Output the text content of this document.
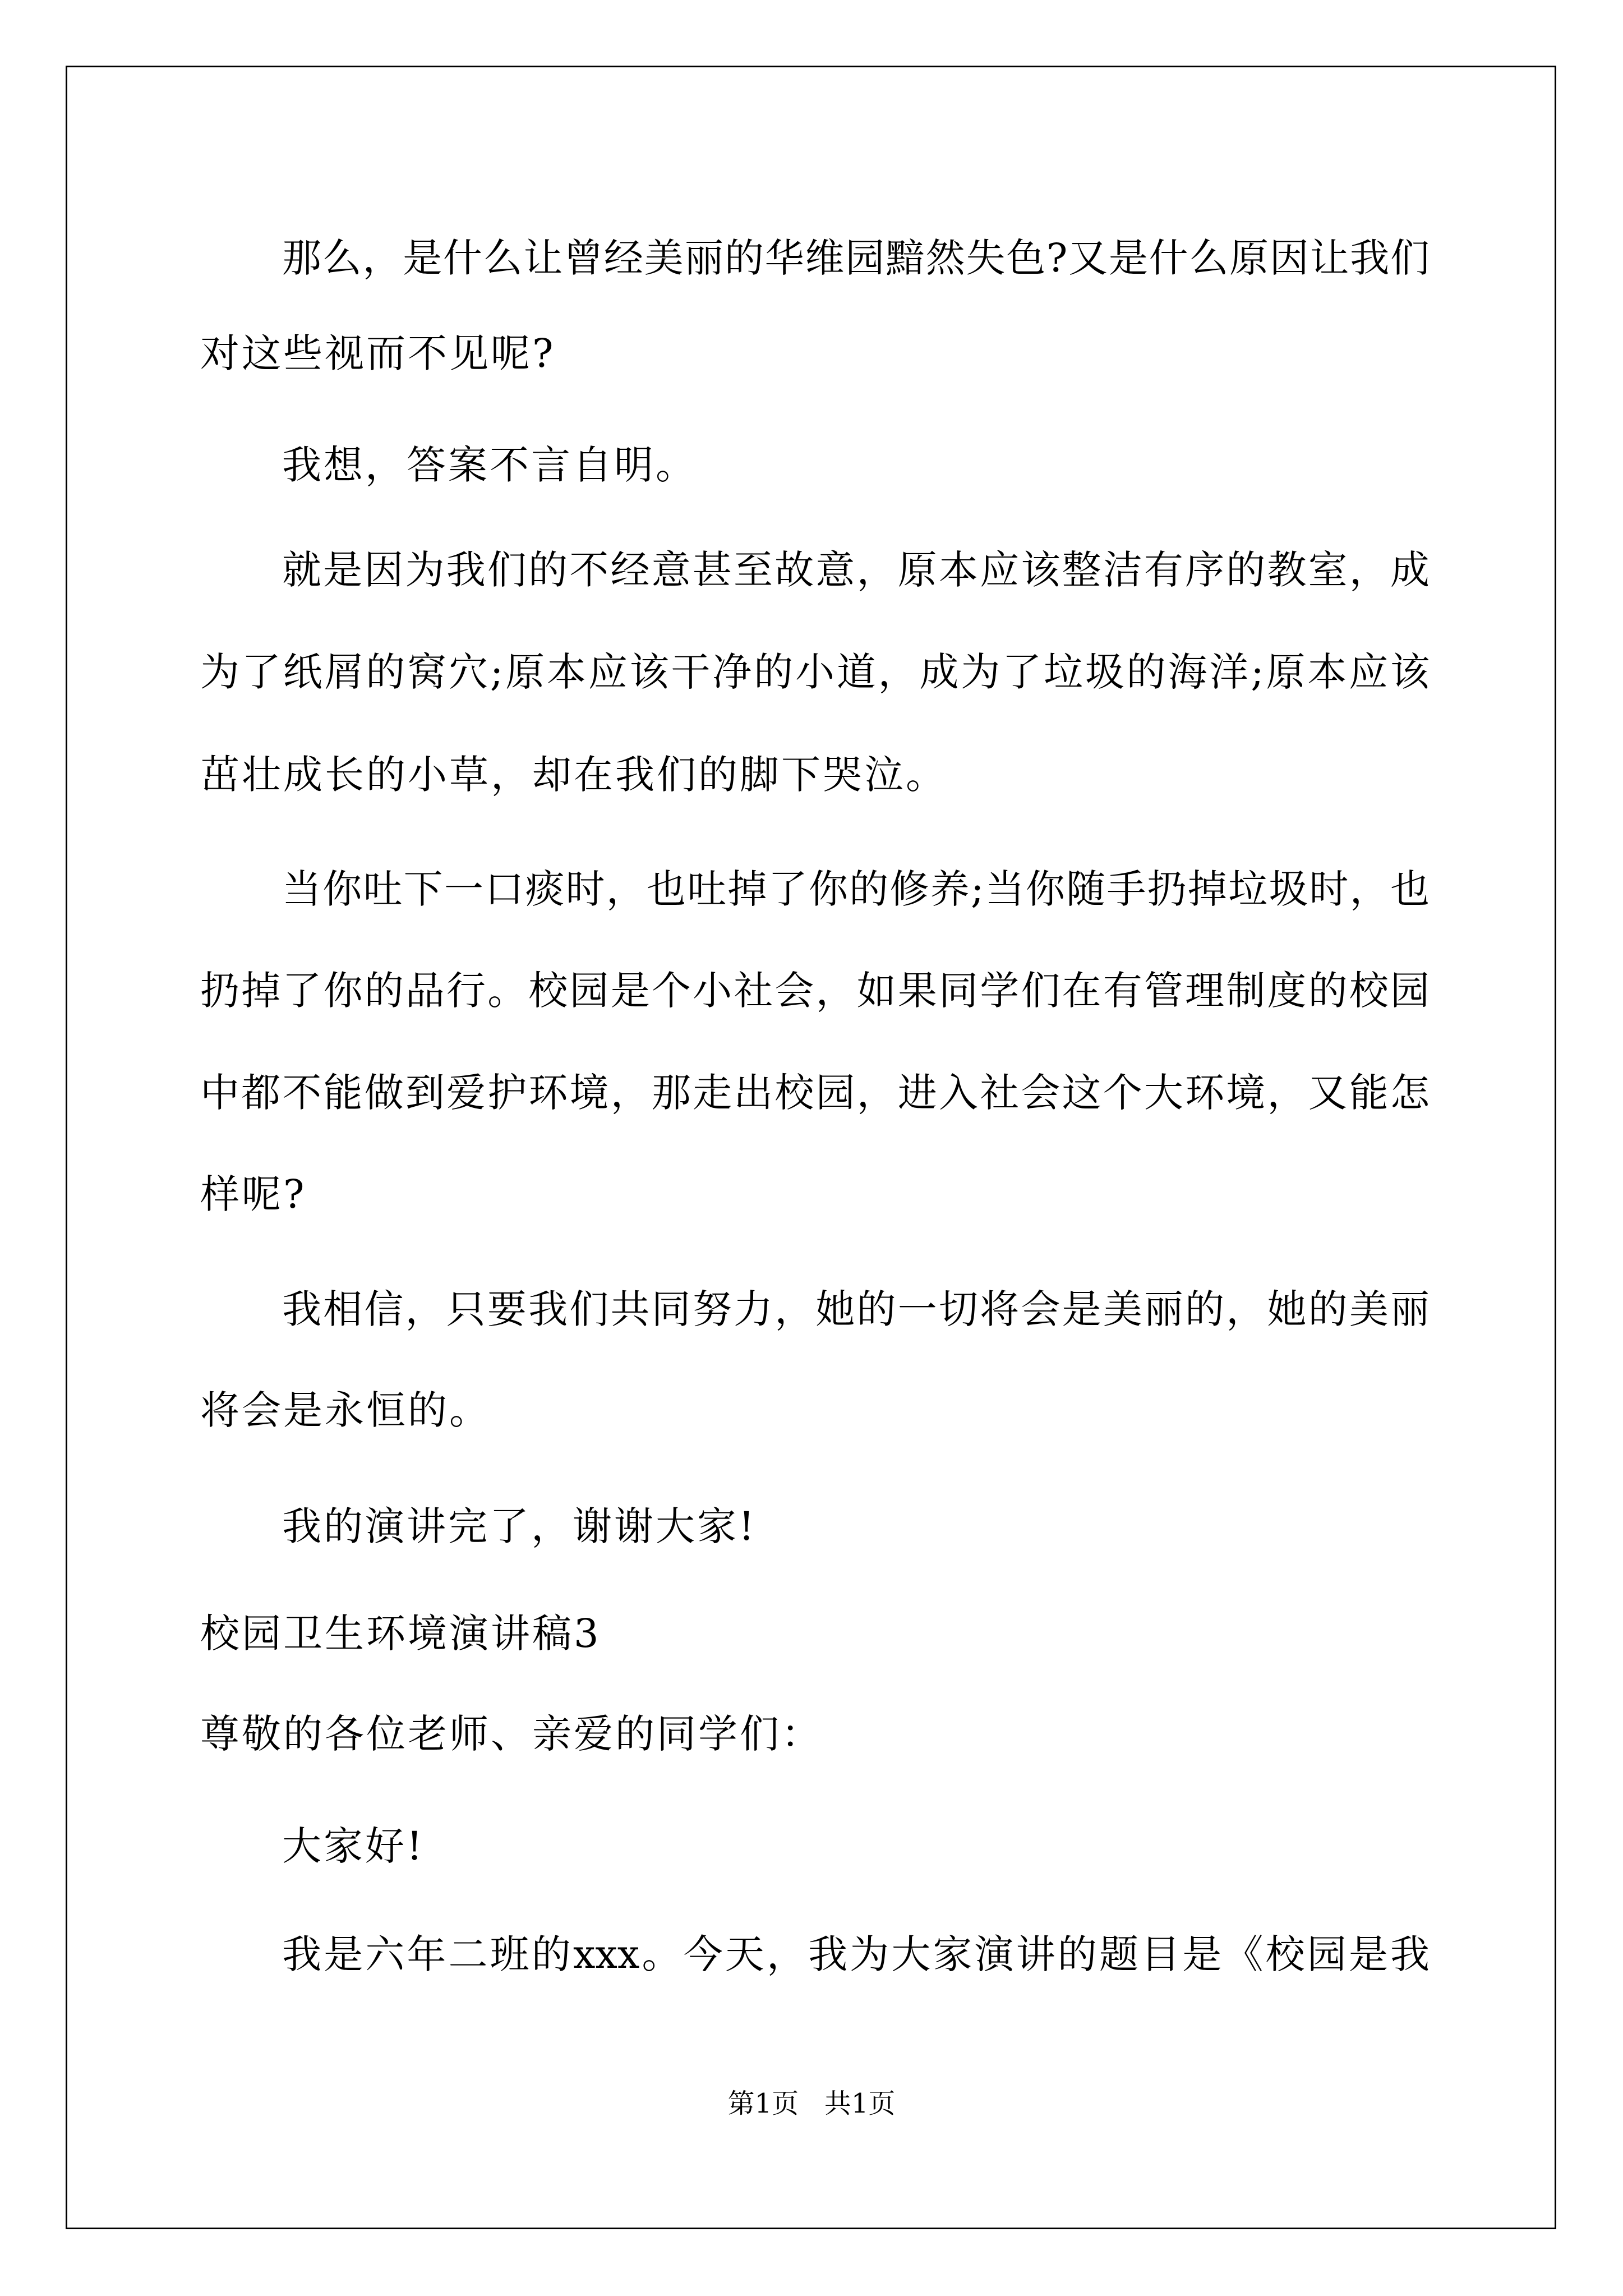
那么，是什么让曾经美丽的华维园黯然失色?又是什么原因让我们
对这些视而不见呢?
我想，答案不言自明。
就是因为我们的不经意甚至故意，原本应该整洁有序的教室，成
为了纸屑的窝穴;原本应该干净的小道，成为了垃圾的海洋;原本应该
茁壮成长的小草，却在我们的脚下哭泣。
当你吐下一口痰时，也吐掉了你的修养;当你随手扔掉垃圾时，也
扔掉了你的品行。校园是个小社会，如果同学们在有管理制度的校园
中都不能做到爱护环境，那走出校园，进入社会这个大环境，又能怎
样呢?
我相信，只要我们共同努力，她的一切将会是美丽的，她的美丽
将会是永恒的。
我的演讲完了，谢谢大家!
校园卫生环境演讲稿3
尊敬的各位老师、亲爱的同学们：
大家好!
我是六年二班的xxx。今天，我为大家演讲的题目是《校园是我
第1页   共1页
